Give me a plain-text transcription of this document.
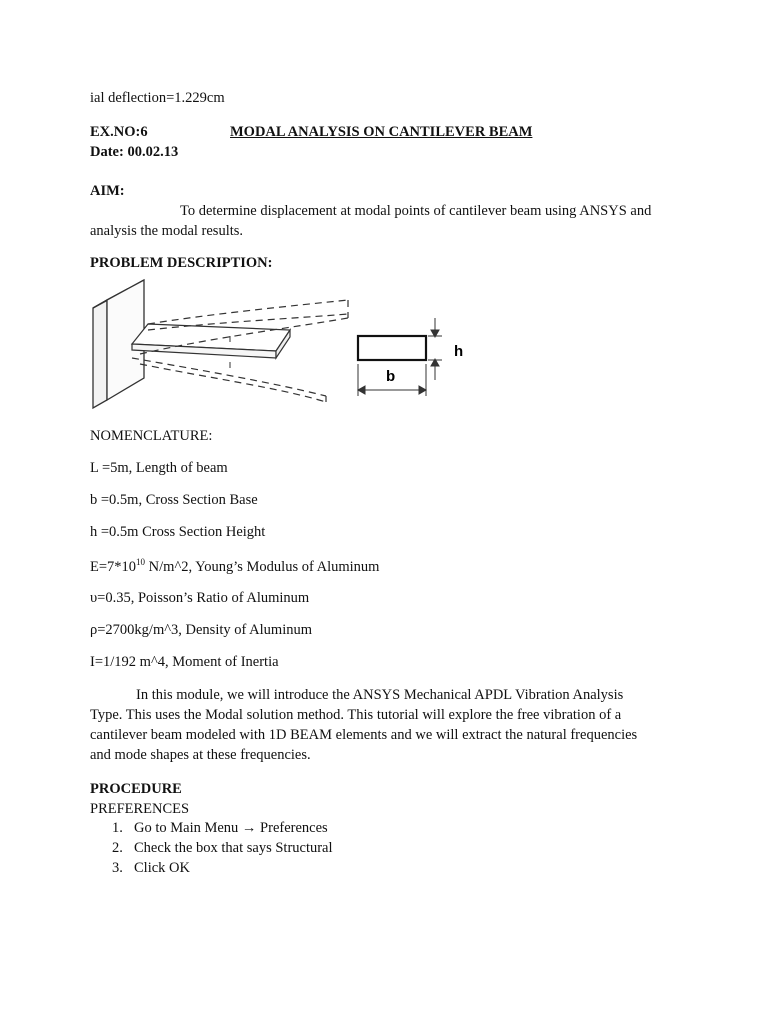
ial deflection=1.229cm
EX.NO:6	MODAL ANALYSIS ON CANTILEVER BEAM
Date: 00.02.13
AIM:
To determine displacement at modal points of cantilever beam using ANSYS and
analysis the modal results.
PROBLEM DESCRIPTION:
h
b
NOMENCLATURE:
L =5m, Length of beam
b =0.5m, Cross Section Base
h =0.5m Cross Section Height
$E=7*10^{10}$ N/m^2, Young’s Modulus of Aluminum
υ=0.35, Poisson’s Ratio of Aluminum
ρ=2700kg/m^3, Density of Aluminum
I=1/192 m^4, Moment of Inertia
In this module, we will introduce the ANSYS Mechanical APDL Vibration Analysis
Type. This uses the Modal solution method. This tutorial will explore the free vibration of a
cantilever beam modeled with 1D BEAM elements and we will extract the natural frequencies
and mode shapes at these frequencies.
PROCEDURE
PREFERENCES
1. Go to Main Menu → Preferences
2. Check the box that says Structural
3. Click OK
